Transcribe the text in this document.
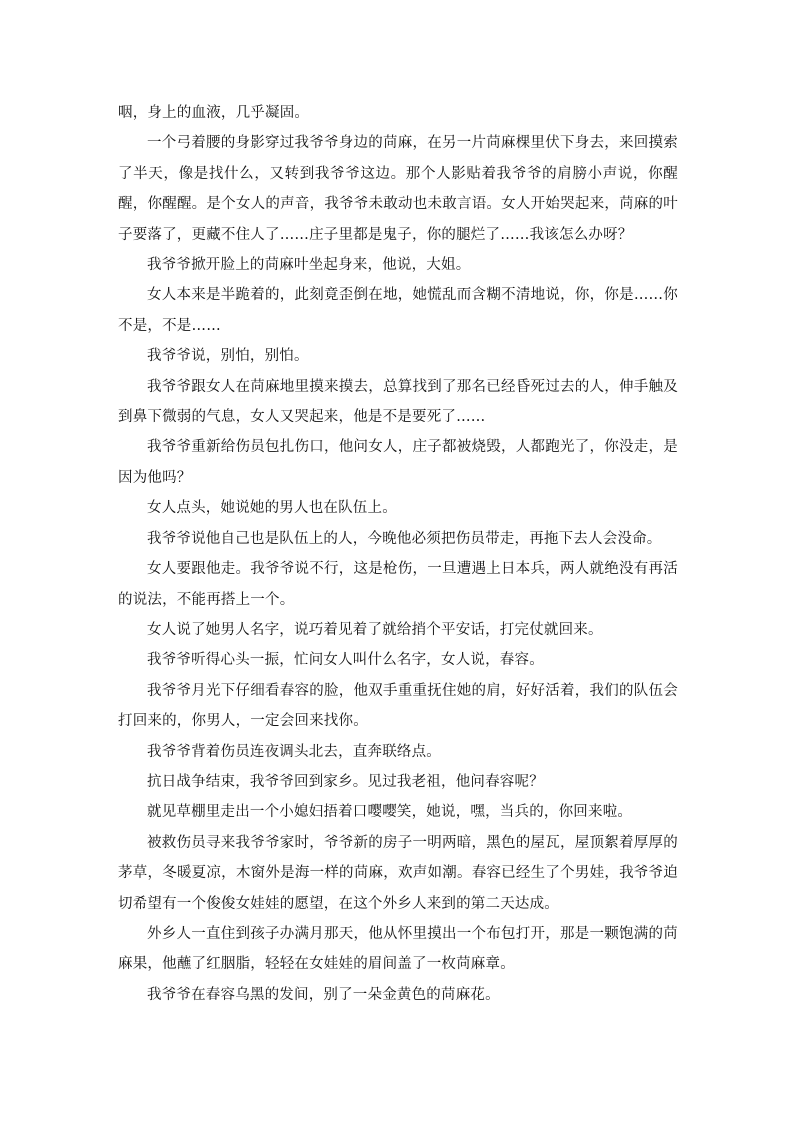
咽，身上的血液，几乎凝固。

一个弓着腰的身影穿过我爷爷身边的苘麻，在另一片苘麻棵里伏下身去，来回摸索了半天，像是找什么，又转到我爷爷这边。那个人影贴着我爷爷的肩膀小声说，你醒醒，你醒醒。是个女人的声音，我爷爷未敢动也未敢言语。女人开始哭起来，苘麻的叶子要落了，更藏不住人了……庄子里都是鬼子，你的腿烂了……我该怎么办呀？

我爷爷掀开脸上的苘麻叶坐起身来，他说，大姐。

女人本来是半跪着的，此刻竟歪倒在地，她慌乱而含糊不清地说，你，你是……你不是，不是……

我爷爷说，别怕，别怕。

我爷爷跟女人在苘麻地里摸来摸去，总算找到了那名已经昏死过去的人，伸手触及到鼻下微弱的气息，女人又哭起来，他是不是要死了……

我爷爷重新给伤员包扎伤口，他问女人，庄子都被烧毁，人都跑光了，你没走，是因为他吗？

女人点头，她说她的男人也在队伍上。

我爷爷说他自己也是队伍上的人，今晚他必须把伤员带走，再拖下去人会没命。

女人要跟他走。我爷爷说不行，这是枪伤，一旦遭遇上日本兵，两人就绝没有再活的说法，不能再搭上一个。

女人说了她男人名字，说巧着见着了就给捎个平安话，打完仗就回来。

我爷爷听得心头一振，忙问女人叫什么名字，女人说，春容。

我爷爷月光下仔细看春容的脸，他双手重重抚住她的肩，好好活着，我们的队伍会打回来的，你男人，一定会回来找你。

我爷爷背着伤员连夜调头北去，直奔联络点。

抗日战争结束，我爷爷回到家乡。见过我老祖，他问春容呢？

就见草棚里走出一个小媳妇捂着口嘤嘤笑，她说，嘿，当兵的，你回来啦。

被救伤员寻来我爷爷家时，爷爷新的房子一明两暗，黑色的屋瓦，屋顶絮着厚厚的茅草，冬暖夏凉，木窗外是海一样的苘麻，欢声如潮。春容已经生了个男娃，我爷爷迫切希望有一个俊俊女娃娃的愿望，在这个外乡人来到的第二天达成。

外乡人一直住到孩子办满月那天，他从怀里摸出一个布包打开，那是一颗饱满的苘麻果，他蘸了红胭脂，轻轻在女娃娃的眉间盖了一枚苘麻章。

我爷爷在春容乌黑的发间，别了一朵金黄色的苘麻花。
